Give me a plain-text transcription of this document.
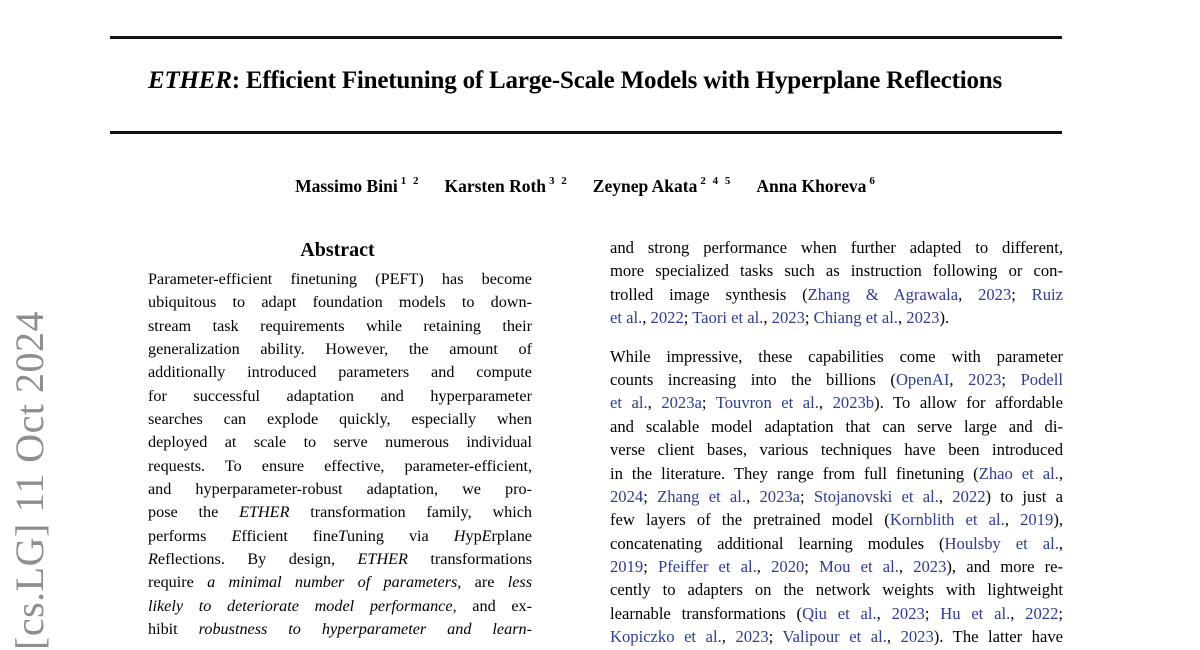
ETHER: Efficient Finetuning of Large-Scale Models with Hyperplane Reflections
Massimo Bini $^{1 2}$ Karsten Roth $^{3 2}$ Zeynep Akata $^{2 4 5}$ Anna Khoreva $^6$
Abstract
Parameter-efficient finetuning (PEFT) has become
ubiquitous to adapt foundation models to down-
stream task requirements while retaining their
generalization ability. However, the amount of
additionally introduced parameters and compute
for successful adaptation and hyperparameter
searches can explode quickly, especially when
deployed at scale to serve numerous individual
requests. To ensure effective, parameter-efficient,
and hyperparameter-robust adaptation, we pro-
pose the ETHER transformation family, which
performs Efficient fineTuning via HypErplane
Reflections. By design, ETHER transformations
require a minimal number of parameters, are less
likely to deteriorate model performance, and ex-
hibit robustness to hyperparameter and learn-
and strong performance when further adapted to different,
more specialized tasks such as instruction following or con-
trolled image synthesis (Zhang & Agrawala, 2023; Ruiz
et al., 2022; Taori et al., 2023; Chiang et al., 2023).
While impressive, these capabilities come with parameter
counts increasing into the billions (OpenAI, 2023; Podell
et al., 2023a; Touvron et al., 2023b). To allow for affordable
and scalable model adaptation that can serve large and di-
verse client bases, various techniques have been introduced
in the literature. They range from full finetuning (Zhao et al.,
2024; Zhang et al., 2023a; Stojanovski et al., 2022) to just a
few layers of the pretrained model (Kornblith et al., 2019),
concatenating additional learning modules (Houlsby et al.,
2019; Pfeiffer et al., 2020; Mou et al., 2023), and more re-
cently to adapters on the network weights with lightweight
learnable transformations (Qiu et al., 2023; Hu et al., 2022;
Kopiczko et al., 2023; Valipour et al., 2023). The latter have
[cs.LG] 11 Oct 2024
